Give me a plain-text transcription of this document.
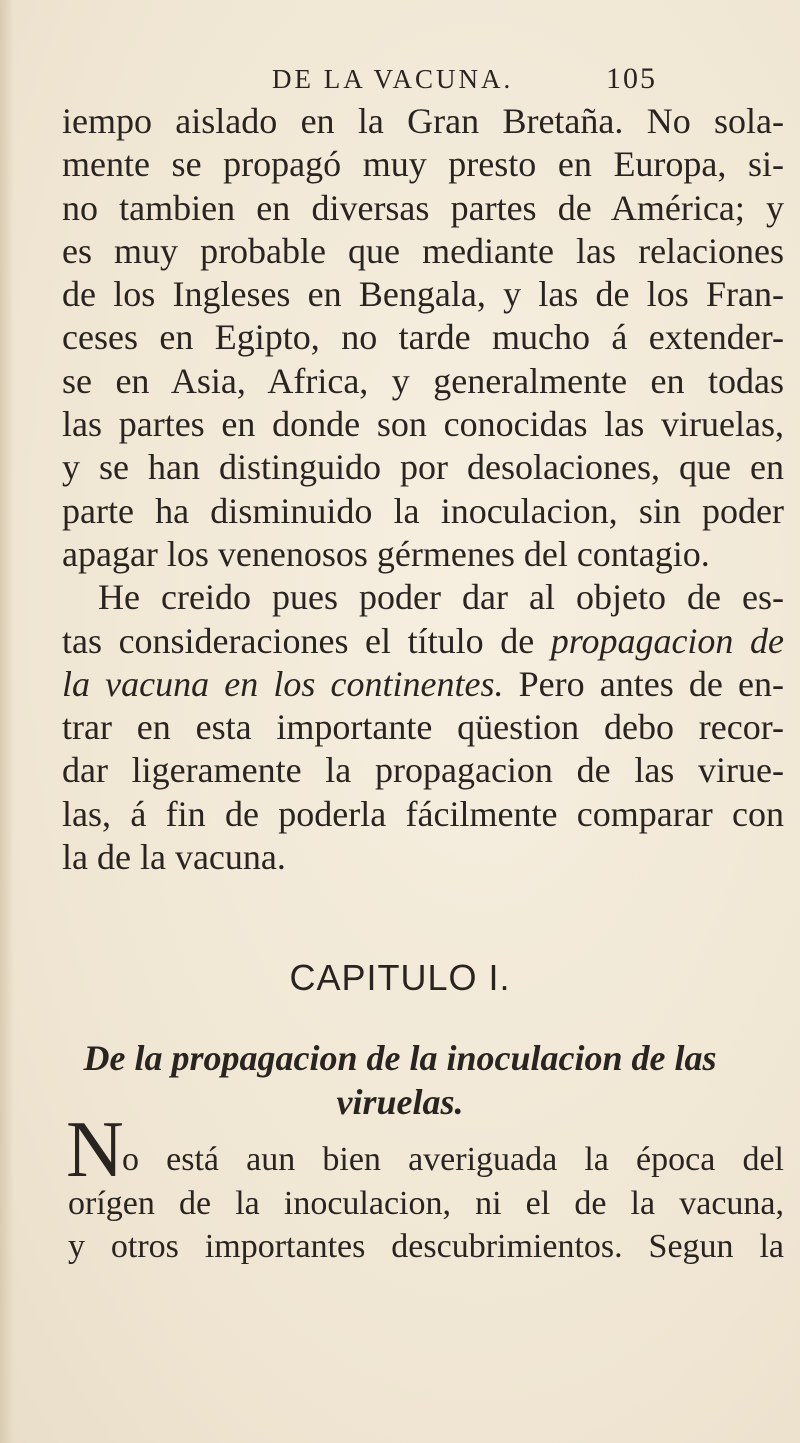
DE LA VACUNA.	105
iempo aislado en la Gran Bretaña. No sola-
mente se propagó muy presto en Europa, si-
no tambien en diversas partes de América; y
es muy probable que mediante las relaciones
de los Ingleses en Bengala, y las de los Fran-
ceses en Egipto, no tarde mucho á extender-
se en Asia, Africa, y generalmente en todas
las partes en donde son conocidas las viruelas,
y se han distinguido por desolaciones, que en
parte ha disminuido la inoculacion, sin poder
apagar los venenosos gérmenes del contagio.
He creido pues poder dar al objeto de es-
tas consideraciones el título de propagacion de
la vacuna en los continentes. Pero antes de en-
trar en esta importante qüestion debo recor-
dar ligeramente la propagacion de las virue-
las, á fin de poderla fácilmente comparar con
la de la vacuna.
CAPITULO I.
De la propagacion de la inoculacion de las
viruelas.
N
o está aun bien averiguada la época del
orígen de la inoculacion, ni el de la vacuna,
y otros importantes descubrimientos. Segun la
